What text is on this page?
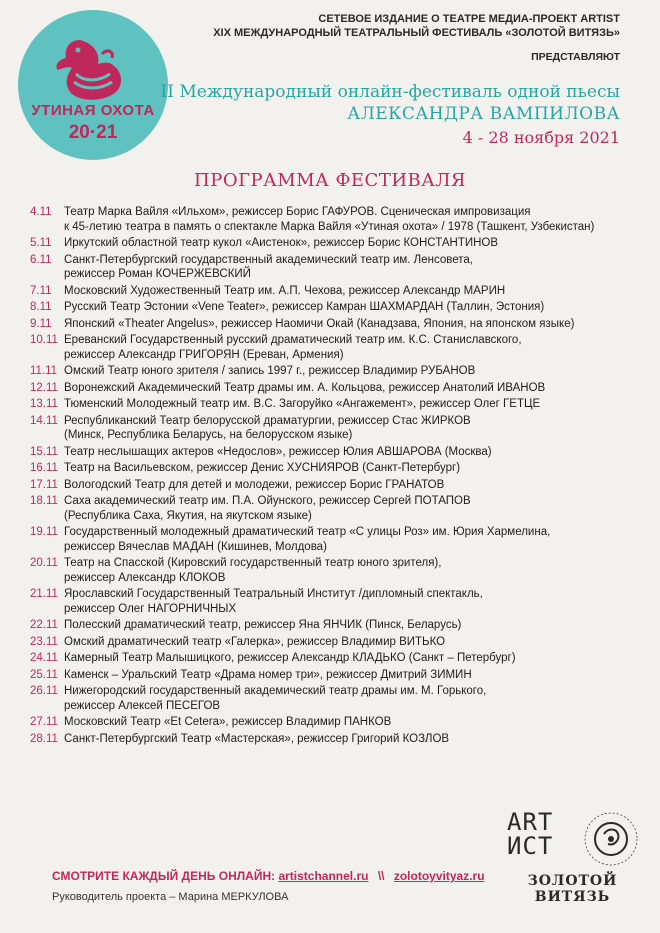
УТИНАЯ ОХОТА
20·21
СЕТЕВОЕ ИЗДАНИЕ О ТЕАТРЕ МЕДИА-ПРОЕКТ ARTIST
XIX МЕЖДУНАРОДНЫЙ ТЕАТРАЛЬНЫЙ ФЕСТИВАЛЬ «ЗОЛОТОЙ ВИТЯЗЬ»
ПРЕДСТАВЛЯЮТ
II Международный онлайн-фестиваль одной пьесы
АЛЕКСАНДРА ВАМПИЛОВА
4 - 28 ноября 2021
ПРОГРАММА ФЕСТИВАЛЯ
4.11	Театр Марка Вайля «Ильхом», режиссер Борис ГАФУРОВ. Сценическая импровизация
к 45-летию театра в память о спектакле Марка Вайля «Утиная охота» / 1978 (Ташкент, Узбекистан)
5.11	Иркутский областной театр кукол «Аистенок», режиссер Борис КОНСТАНТИНОВ
6.11	Санкт-Петербургский государственный академический театр им. Ленсовета,
режиссер Роман КОЧЕРЖЕВСКИЙ
7.11	Московский Художественный Театр им. А.П. Чехова, режиссер Александр МАРИН
8.11	Русский Театр Эстонии «Vene Teater», режиссер Камран ШАХМАРДАН (Таллин, Эстония)
9.11	Японский «Theater Angelus», режиссер Наомичи Окай (Канадзава, Япония, на японском языке)
10.11 Ереванский Государственный русский драматический театр им. К.С. Станиславского,
режиссер Александр ГРИГОРЯН (Ереван, Армения)
11.11 Омский Театр юного зрителя / запись 1997 г., режиссер Владимир РУБАНОВ
12.11 Воронежский Академический Театр драмы им. А. Кольцова, режиссер Анатолий ИВАНОВ
13.11 Тюменский Молодежный театр им. В.С. Загоруйко «Ангажемент», режиссер Олег ГЕТЦЕ
14.11 Республиканский Театр белорусской драматургии, режиссер Стас ЖИРКОВ
(Минск, Республика Беларусь, на белорусском языке)
15.11 Театр неслышащих актеров «Недослов», режиссер Юлия АВШАРОВА (Москва)
16.11 Театр на Васильевском, режиссер Денис ХУСНИЯРОВ (Санкт-Петербург)
17.11 Вологодский Театр для детей и молодежи, режиссер Борис ГРАНАТОВ
18.11 Саха академический театр им. П.А. Ойунского, режиссер Сергей ПОТАПОВ
(Республика Саха, Якутия, на якутском языке)
19.11 Государственный молодежный драматический театр «С улицы Роз» им. Юрия Хармелина,
режиссер Вячеслав МАДАН (Кишинев, Молдова)
20.11 Театр на Спасской (Кировский государственный театр юного зрителя),
режиссер Александр КЛОКОВ
21.11 Ярославский Государственный Театральный Институт /дипломный спектакль,
режиссер Олег НАГОРНИЧНЫХ
22.11 Полесский драматический театр, режиссер Яна ЯНЧИК (Пинск, Беларусь)
23.11 Омский драматический театр «Галерка», режиссер Владимир ВИТЬКО
24.11 Камерный Театр Малышицкого, режиссер Александр КЛАДЬКО (Санкт – Петербург)
25.11 Каменск – Уральский Театр «Драма номер три», режиссер Дмитрий ЗИМИН
26.11 Нижегородский государственный академический театр драмы им. М. Горького,
режиссер Алексей ПЕСЕГОВ
27.11 Московский Театр «Et Cetera», режиссер Владимир ПАНКОВ
28.11 Санкт-Петербургский Театр «Мастерская», режиссер Григорий КОЗЛОВ
СМОТРИТЕ КАЖДЫЙ ДЕНЬ ОНЛАЙН: artistchannel.ru \\ zolotoyvityaz.ru
Руководитель проекта – Марина МЕРКУЛОВА
ART
ИСТ
ЗОЛОТОЙ ВИТЯЗЬ
